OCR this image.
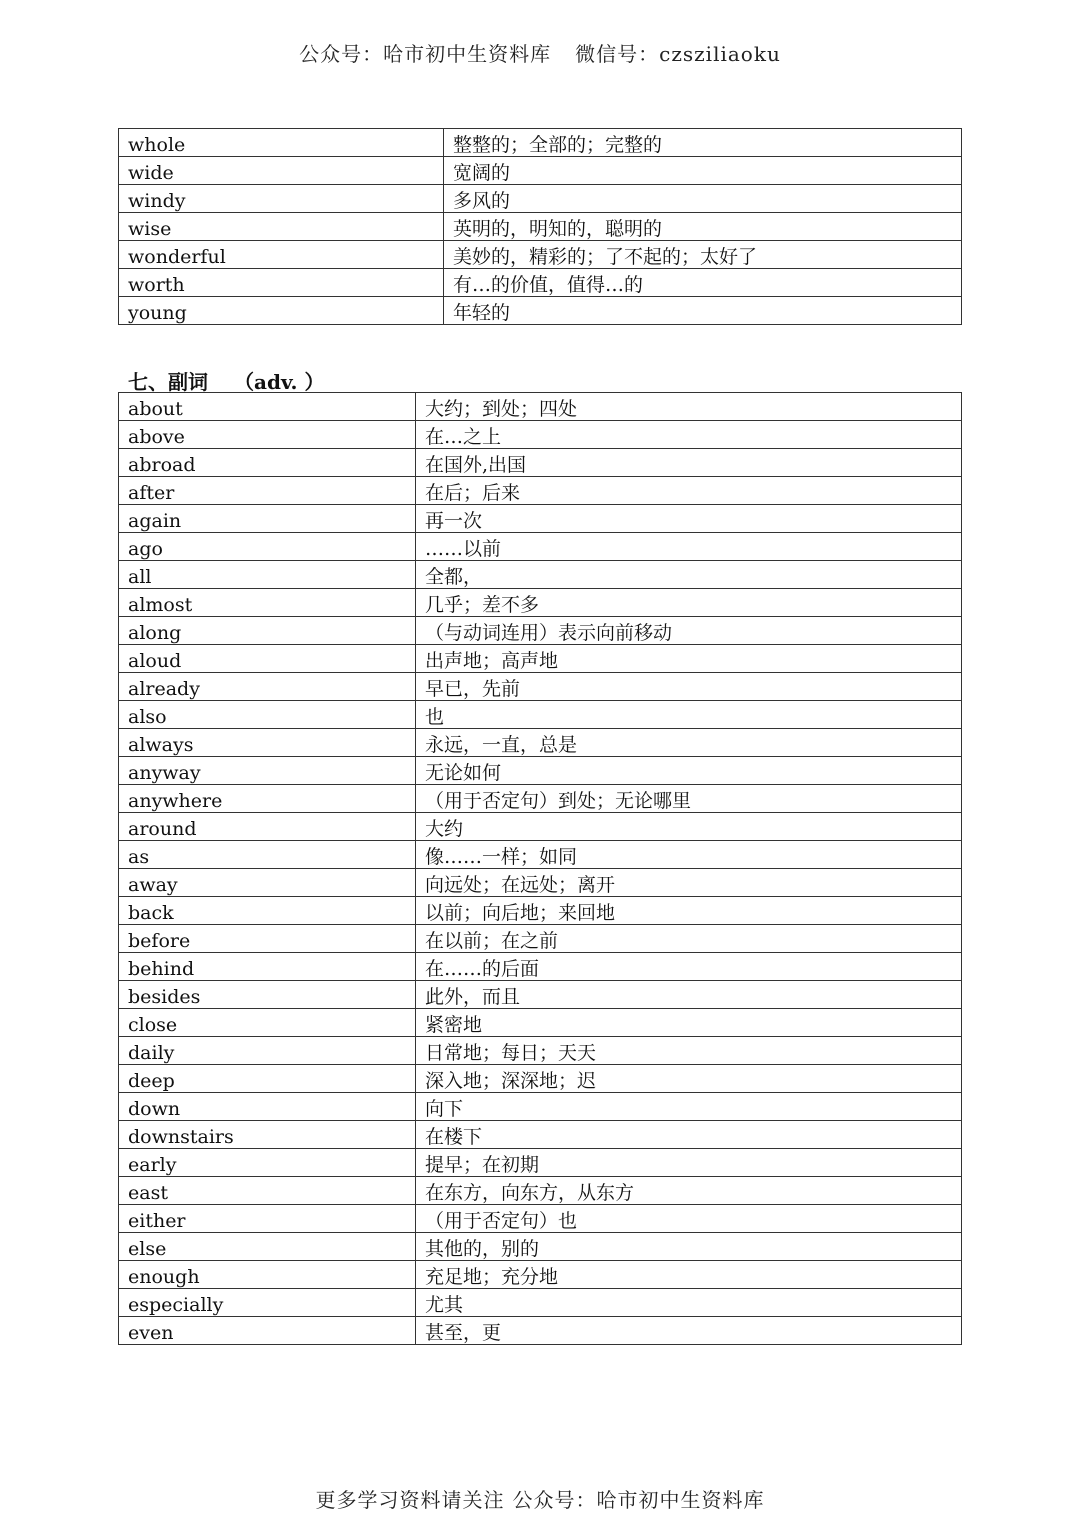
公众号：哈市初中生资料库 微信号：czsziliaoku
whole	整整的；全部的；完整的
wide	宽阔的
windy	多风的
wise	英明的，明知的，聪明的
wonderful	美妙的，精彩的；了不起的；太好了
worth	有…的价值，值得…的
young	年轻的
七、副词 （adv. ）
about	大约；到处；四处
above	在…之上
abroad	在国外,出国
after	在后；后来
again	再一次
ago	……以前
all	全都，
almost	几乎；差不多
along	（与动词连用）表示向前移动
aloud	出声地；高声地
already	早已，先前
also	也
always	永远，一直，总是
anyway	无论如何
anywhere	（用于否定句）到处；无论哪里
around	大约
as	像……一样；如同
away	向远处；在远处；离开
back	以前；向后地；来回地
before	在以前；在之前
behind	在……的后面
besides	此外，而且
close	紧密地
daily	日常地；每日；天天
deep	深入地；深深地；迟
down	向下
downstairs	在楼下
early	提早；在初期
east	在东方，向东方，从东方
either	（用于否定句）也
else	其他的，别的
enough	充足地；充分地
especially	尤其
even	甚至，更
更多学习资料请关注 公众号：哈市初中生资料库
